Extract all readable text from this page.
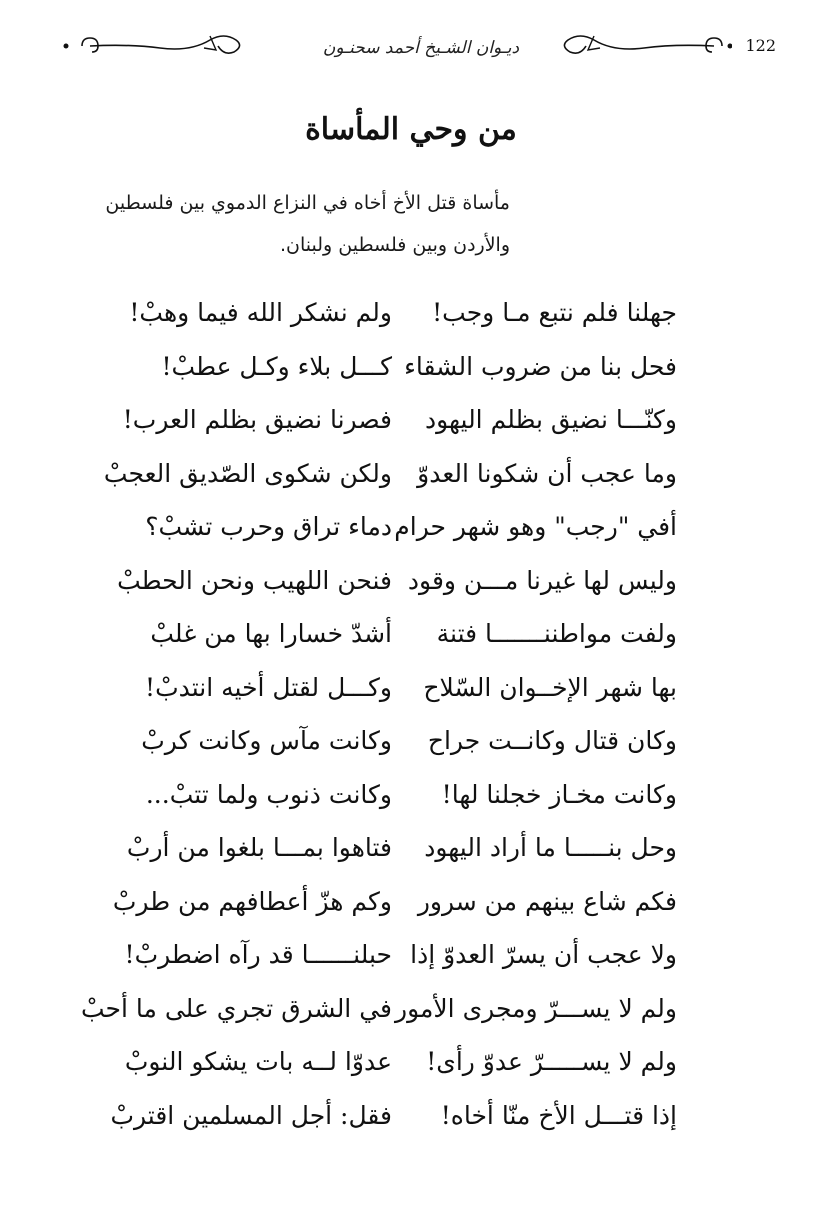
ديـوان الشـيخ أحمد سحنـون	122
من وحي المأساة
مأساة قتل الأخ أخاه في النزاع الدموي بين فلسطين
والأردن وبين فلسطين ولبنان.
جهلنا فلم نتبع مـا وجب!
ولم نشكر الله فيما وهبْ!
فحل بنا من ضروب الشقاء
كـــل بلاء وكـل عطبْ!
وكنّـــا نضيق بظلم اليهود
فصرنا نضيق بظلم العرب!
وما عجب أن شكونا العدوّ
ولكن شكوى الصّديق العجبْ
أفي "رجب" وهو شهر حرام
دماء تراق وحرب تشبْ؟
وليس لها غيرنا مـــن وقود
فنحن اللهيب ونحن الحطبْ
ولفت مواطننـــــــا فتنة
أشدّ خسارا بها من غلبْ
بها شهر الإخــوان السّلاح
وكـــل لقتل أخيه انتدبْ!
وكان قتال وكانــت جراح
وكانت مآس وكانت كربْ
وكانت مخـاز خجلنا لها!
وكانت ذنوب ولما تتبْ...
وحل بنـــــا ما أراد اليهود
فتاهوا بمـــا بلغوا من أربْ
فكم شاع بينهم من سرور
وكم هزّ أعطافهم من طربْ
ولا عجب أن يسرّ العدوّ إذا
حبلنــــــا قد رآه اضطربْ!
ولم لا يســـرّ ومجرى الأمور
في الشرق تجري على ما أحبْ
ولم لا يســـــرّ عدوّ رأى!
عدوّا لــه بات يشكو النوبْ
إذا قتـــل الأخ منّا أخاه!
فقل: أجل المسلمين اقتربْ
